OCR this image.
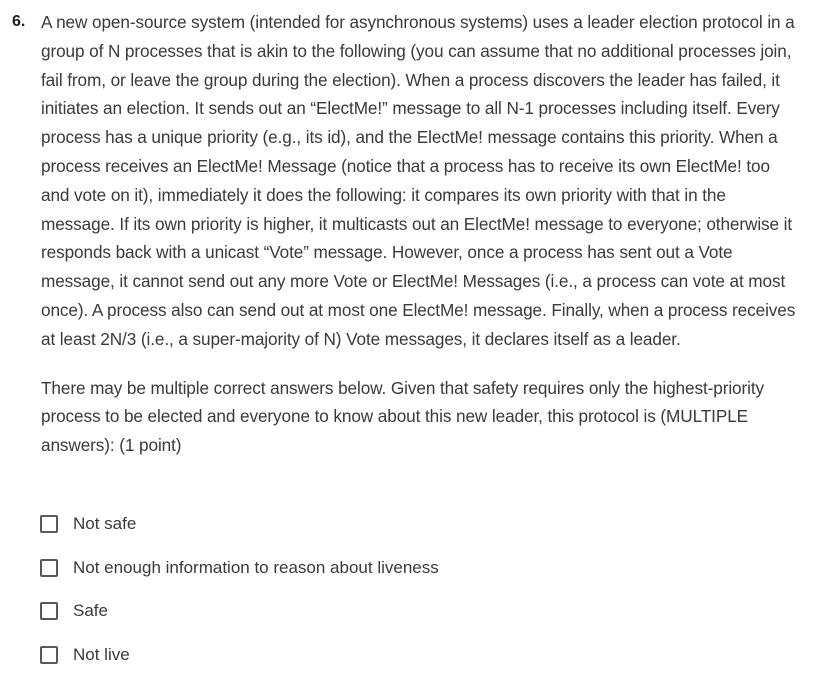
6. A new open-source system (intended for asynchronous systems) uses a leader election protocol in a group of N processes that is akin to the following (you can assume that no additional processes join, fail from, or leave the group during the election). When a process discovers the leader has failed, it initiates an election. It sends out an “ElectMe!” message to all N-1 processes including itself. Every process has a unique priority (e.g., its id), and the ElectMe! message contains this priority. When a process receives an ElectMe! Message (notice that a process has to receive its own ElectMe! too and vote on it), immediately it does the following: it compares its own priority with that in the message. If its own priority is higher, it multicasts out an ElectMe! message to everyone; otherwise it responds back with a unicast “Vote” message. However, once a process has sent out a Vote message, it cannot send out any more Vote or ElectMe! Messages (i.e., a process can vote at most once). A process also can send out at most one ElectMe! message. Finally, when a process receives at least 2N/3 (i.e., a super-majority of N) Vote messages, it declares itself as a leader.

There may be multiple correct answers below. Given that safety requires only the highest-priority process to be elected and everyone to know about this new leader, this protocol is (MULTIPLE answers): (1 point)

Not safe
Not enough information to reason about liveness
Safe
Not live
